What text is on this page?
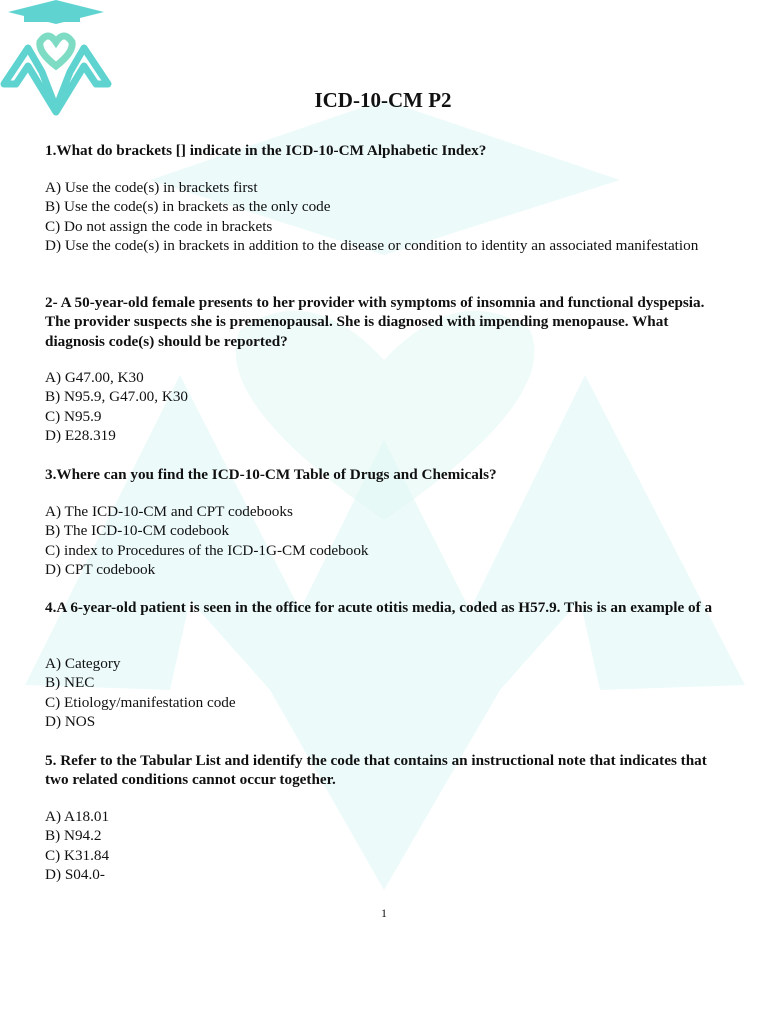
ICD-10-CM P2

1.What do brackets [] indicate in the ICD-10-CM Alphabetic Index?

A) Use the code(s) in brackets first
B) Use the code(s) in brackets as the only code
C) Do not assign the code in brackets
D) Use the code(s) in brackets in addition to the disease or condition to identity an associated manifestation

2- A 50-year-old female presents to her provider with symptoms of insomnia and functional dyspepsia. The provider suspects she is premenopausal. She is diagnosed with impending menopause. What diagnosis code(s) should be reported?

A) G47.00, K30
B) N95.9, G47.00, K30
C) N95.9
D) E28.319

3.Where can you find the ICD-10-CM Table of Drugs and Chemicals?

A) The ICD-10-CM and CPT codebooks
B) The ICD-10-CM codebook
C) index to Procedures of the ICD-1G-CM codebook
D) CPT codebook

4.A 6-year-old patient is seen in the office for acute otitis media, coded as H57.9. This is an example of a

A) Category
B) NEC
C) Etiology/manifestation code
D) NOS

5. Refer to the Tabular List and identify the code that contains an instructional note that indicates that two related conditions cannot occur together.

A) A18.01
B) N94.2
C) K31.84
D) S04.0-
1
